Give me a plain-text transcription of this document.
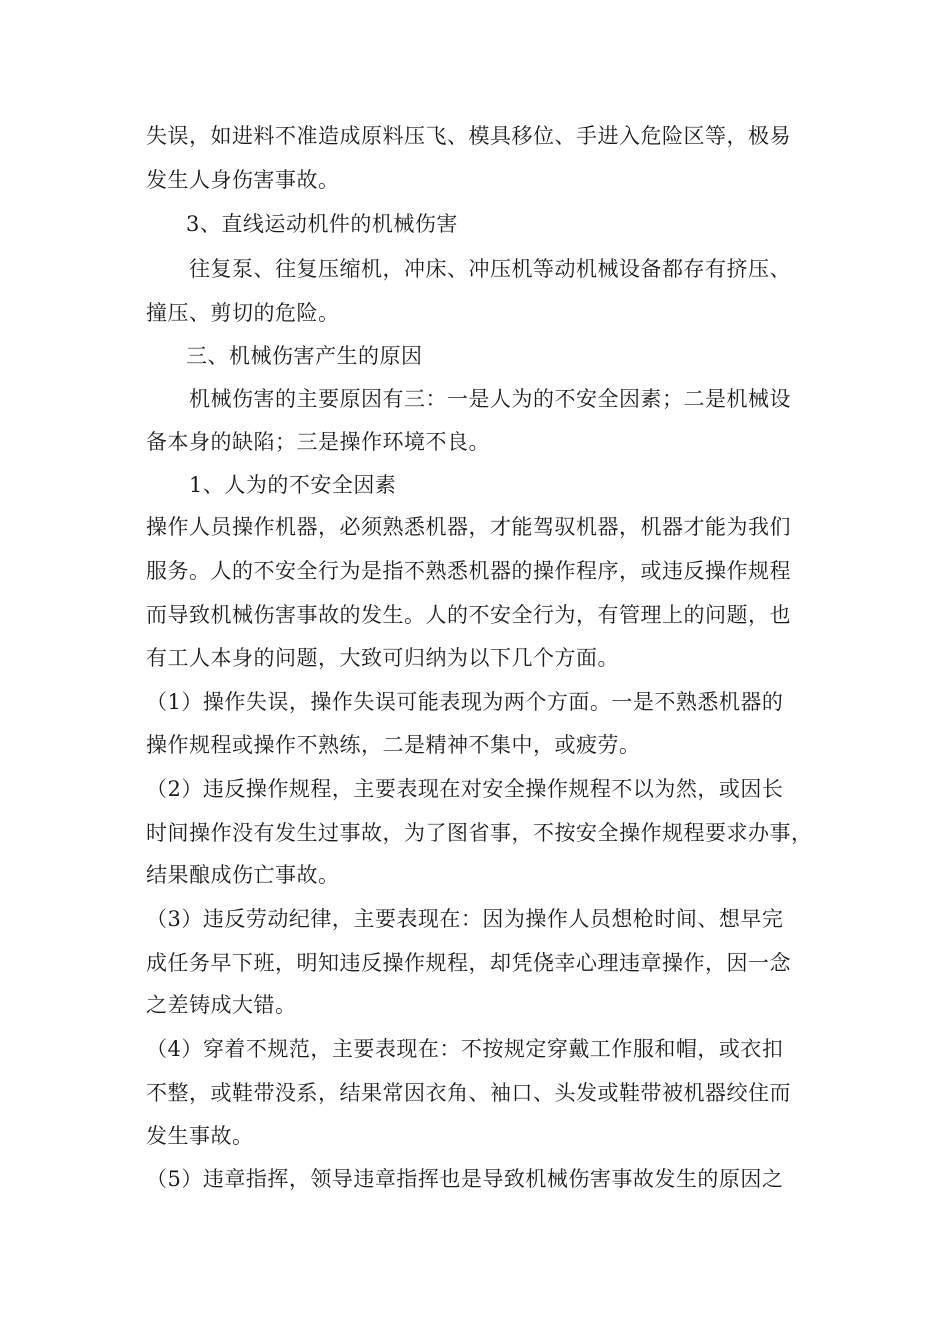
失误，如进料不准造成原料压飞、模具移位、手进入危险区等，极易

发生人身伤害事故。

3、直线运动机件的机械伤害

往复泵、往复压缩机，冲床、冲压机等动机械设备都存有挤压、

撞压、剪切的危险。

三、机械伤害产生的原因

机械伤害的主要原因有三：一是人为的不安全因素；二是机械设

备本身的缺陷；三是操作环境不良。

1、人为的不安全因素

操作人员操作机器，必须熟悉机器，才能驾驭机器，机器才能为我们

服务。人的不安全行为是指不熟悉机器的操作程序，或违反操作规程

而导致机械伤害事故的发生。人的不安全行为，有管理上的问题，也

有工人本身的问题，大致可归纳为以下几个方面。

（1）操作失误，操作失误可能表现为两个方面。一是不熟悉机器的

操作规程或操作不熟练，二是精神不集中，或疲劳。

（2）违反操作规程，主要表现在对安全操作规程不以为然，或因长

时间操作没有发生过事故，为了图省事，不按安全操作规程要求办事，

结果酿成伤亡事故。

（3）违反劳动纪律，主要表现在：因为操作人员想枪时间、想早完

成任务早下班，明知违反操作规程，却凭侥幸心理违章操作，因一念

之差铸成大错。

（4）穿着不规范，主要表现在：不按规定穿戴工作服和帽，或衣扣

不整，或鞋带没系，结果常因衣角、袖口、头发或鞋带被机器绞住而

发生事故。

（5）违章指挥，领导违章指挥也是导致机械伤害事故发生的原因之
